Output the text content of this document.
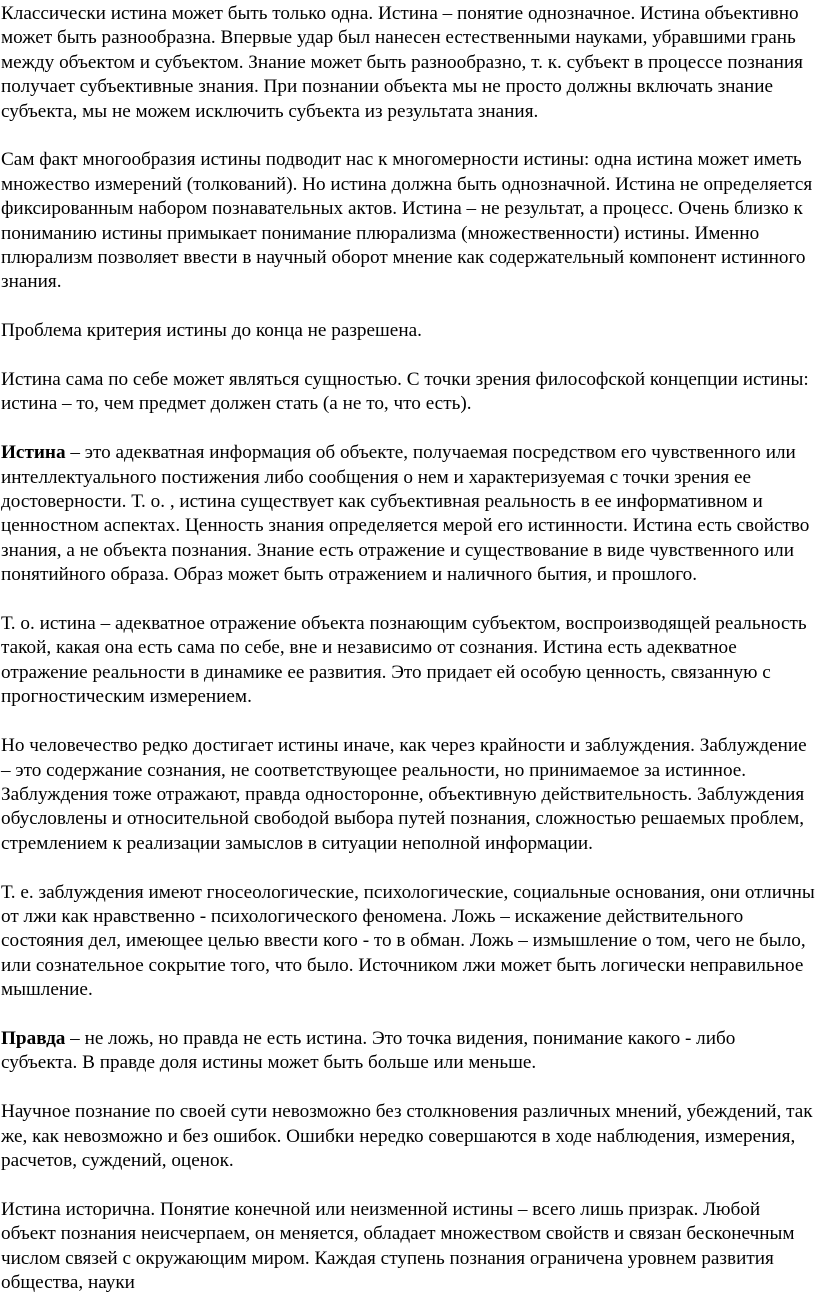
Классически истина может быть только одна. Истина – понятие однозначное. Истина объективно может быть разнообразна. Впервые удар был нанесен естественными науками, убравшими грань между объектом и субъектом. Знание может быть разнообразно, т. к. субъект в процессе познания получает субъективные знания. При познании объекта мы не просто должны включать знание субъекта, мы не можем исключить субъекта из результата знания.

Сам факт многообразия истины подводит нас к многомерности истины: одна истина может иметь множество измерений (толкований). Но истина должна быть однозначной. Истина не определяется фиксированным набором познавательных актов. Истина – не результат, а процесс. Очень близко к пониманию истины примыкает понимание плюрализма (множественности) истины. Именно плюрализм позволяет ввести в научный оборот мнение как содержательный компонент истинного знания.

Проблема критерия истины до конца не разрешена.

Истина сама по себе может являться сущностью. С точки зрения философской концепции истины: истина – то, чем предмет должен стать (а не то, что есть).

Истина – это адекватная информация об объекте, получаемая посредством его чувственного или интеллектуального постижения либо сообщения о нем и характеризуемая с точки зрения ее достоверности. Т. о. , истина существует как субъективная реальность в ее информативном и ценностном аспектах. Ценность знания определяется мерой его истинности. Истина есть свойство знания, а не объекта познания. Знание есть отражение и существование в виде чувственного или понятийного образа. Образ может быть отражением и наличного бытия, и прошлого.

Т. о. истина – адекватное отражение объекта познающим субъектом, воспроизводящей реальность такой, какая она есть сама по себе, вне и независимо от сознания. Истина есть адекватное отражение реальности в динамике ее развития. Это придает ей особую ценность, связанную с прогностическим измерением.

Но человечество редко достигает истины иначе, как через крайности и заблуждения. Заблуждение – это содержание сознания, не соответствующее реальности, но принимаемое за истинное. Заблуждения тоже отражают, правда односторонне, объективную действительность. Заблуждения обусловлены и относительной свободой выбора путей познания, сложностью решаемых проблем, стремлением к реализации замыслов в ситуации неполной информации.

Т. е. заблуждения имеют гносеологические, психологические, социальные основания, они отличны от лжи как нравственно - психологического феномена. Ложь – искажение действительного состояния дел, имеющее целью ввести кого - то в обман. Ложь – измышление о том, чего не было, или сознательное сокрытие того, что было. Источником лжи может быть логически неправильное мышление.

Правда – не ложь, но правда не есть истина. Это точка видения, понимание какого - либо субъекта. В правде доля истины может быть больше или меньше.

Научное познание по своей сути невозможно без столкновения различных мнений, убеждений, так же, как невозможно и без ошибок. Ошибки нередко совершаются в ходе наблюдения, измерения, расчетов, суждений, оценок.

Истина исторична. Понятие конечной или неизменной истины – всего лишь призрак. Любой объект познания неисчерпаем, он меняется, обладает множеством свойств и связан бесконечным числом связей с окружающим миром. Каждая ступень познания ограничена уровнем развития общества, науки
